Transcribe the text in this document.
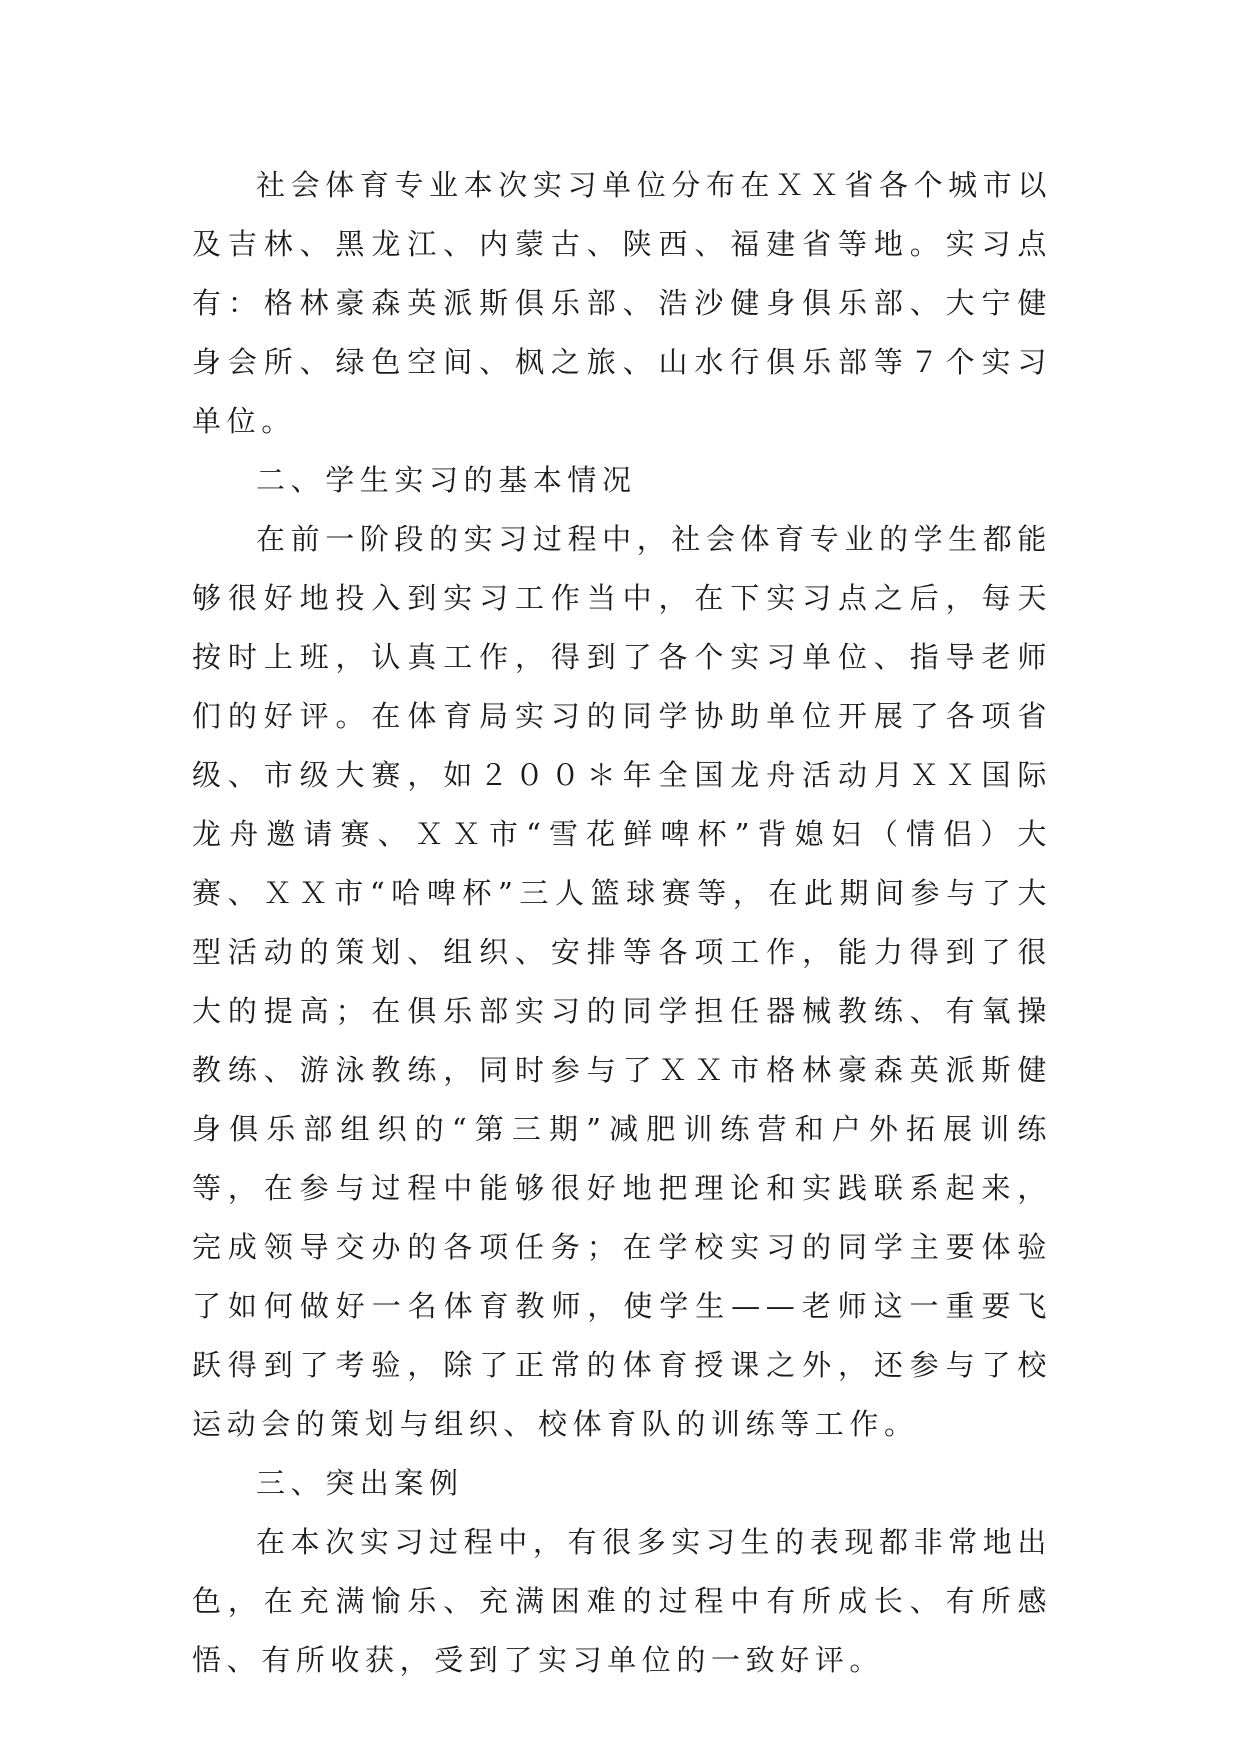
社会体育专业本次实习单位分布在ＸＸ省各个城市以及吉林、黑龙江、内蒙古、陕西、福建省等地。实习点有：格林豪森英派斯俱乐部、浩沙健身俱乐部、大宁健身会所、绿色空间、枫之旅、山水行俱乐部等７个实习单位。

二、学生实习的基本情况

在前一阶段的实习过程中，社会体育专业的学生都能够很好地投入到实习工作当中，在下实习点之后，每天按时上班，认真工作，得到了各个实习单位、指导老师们的好评。在体育局实习的同学协助单位开展了各项省级、市级大赛，如２００＊年全国龙舟活动月ＸＸ国际龙舟邀请赛、ＸＸ市“雪花鲜啤杯”背媳妇（情侣）大赛、ＸＸ市“哈啤杯”三人篮球赛等，在此期间参与了大型活动的策划、组织、安排等各项工作，能力得到了很大的提高；在俱乐部实习的同学担任器械教练、有氧操教练、游泳教练，同时参与了ＸＸ市格林豪森英派斯健身俱乐部组织的“第三期”减肥训练营和户外拓展训练等，在参与过程中能够很好地把理论和实践联系起来，完成领导交办的各项任务；在学校实习的同学主要体验了如何做好一名体育教师，使学生——老师这一重要飞跃得到了考验，除了正常的体育授课之外，还参与了校运动会的策划与组织、校体育队的训练等工作。

三、突出案例

在本次实习过程中，有很多实习生的表现都非常地出色，在充满愉乐、充满困难的过程中有所成长、有所感悟、有所收获，受到了实习单位的一致好评。
